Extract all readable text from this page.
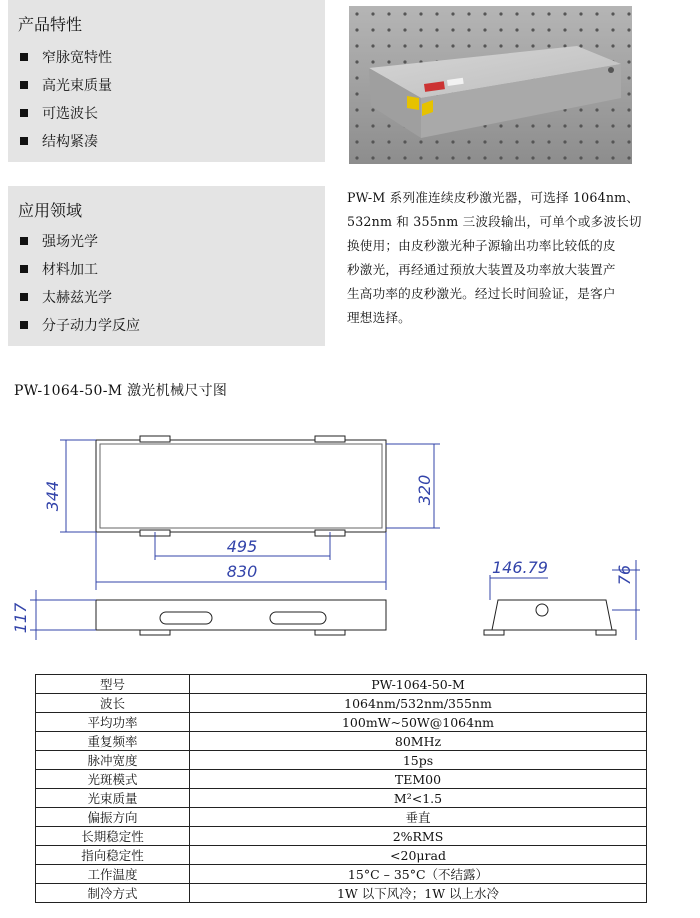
产品特性
窄脉宽特性
高光束质量
可选波长
结构紧凑
应用领域
强场光学
材料加工
太赫兹光学
分子动力学反应

PW-M 系列准连续皮秒激光器，可选择 1064nm、

532nm 和 355nm 三波段输出，可单个或多波长切

换使用；由皮秒激光种子源输出功率比较低的皮

秒激光，再经通过预放大装置及功率放大装置产

生高功率的皮秒激光。经过长时间验证，是客户

理想选择。

PW-1064-50-M 激光机械尺寸图
344	320
495
830
117
146.79	76
型号	PW-1064-50-M
波长	1064nm/532nm/355nm
平均功率	100mW~50W@1064nm
重复频率	80MHz
脉冲宽度	15ps
光斑模式	TEM00
光束质量	M²<1.5
偏振方向	垂直
长期稳定性	2%RMS
指向稳定性	<20μrad
工作温度	15°C – 35°C（不结露）
制冷方式	1W 以下风冷；1W 以上水冷
